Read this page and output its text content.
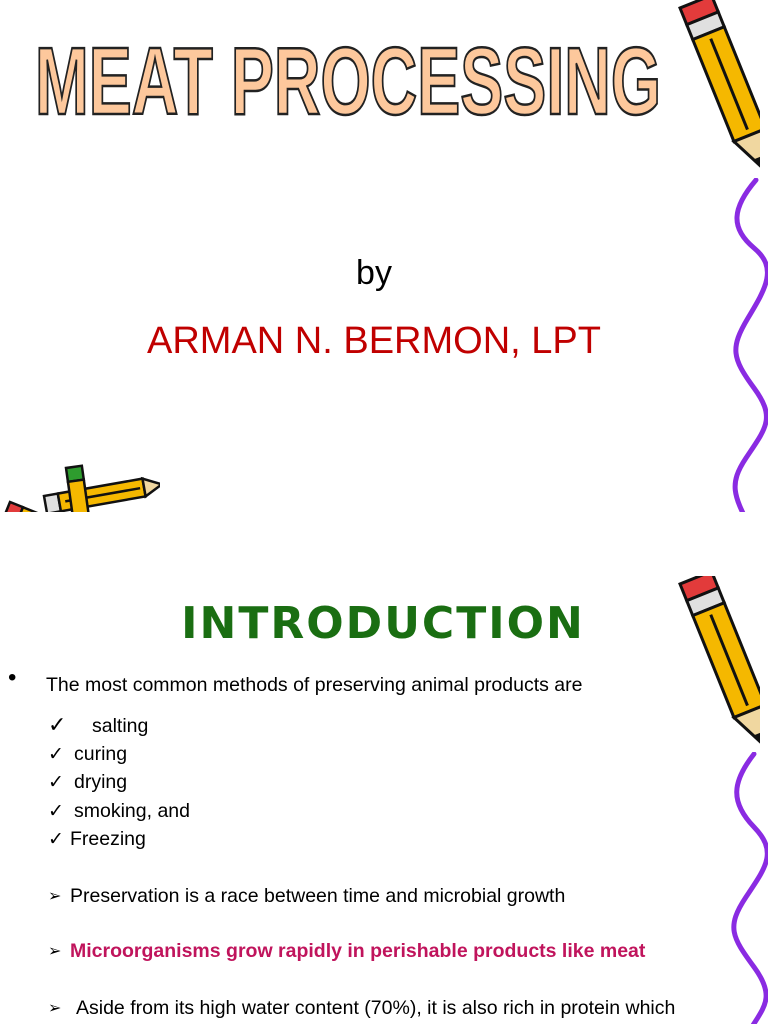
MEAT PROCESSING
by
ARMAN N. BERMON, LPT
INTRODUCTION
• The most common methods of preserving animal products are
✓ salting
✓ curing
✓ drying
✓ smoking, and
✓ Freezing
➢ Preservation is a race between time and microbial growth
➢ Microorganisms grow rapidly in perishable products like meat
➢ Aside from its high water content (70%), it is also rich in protein which
